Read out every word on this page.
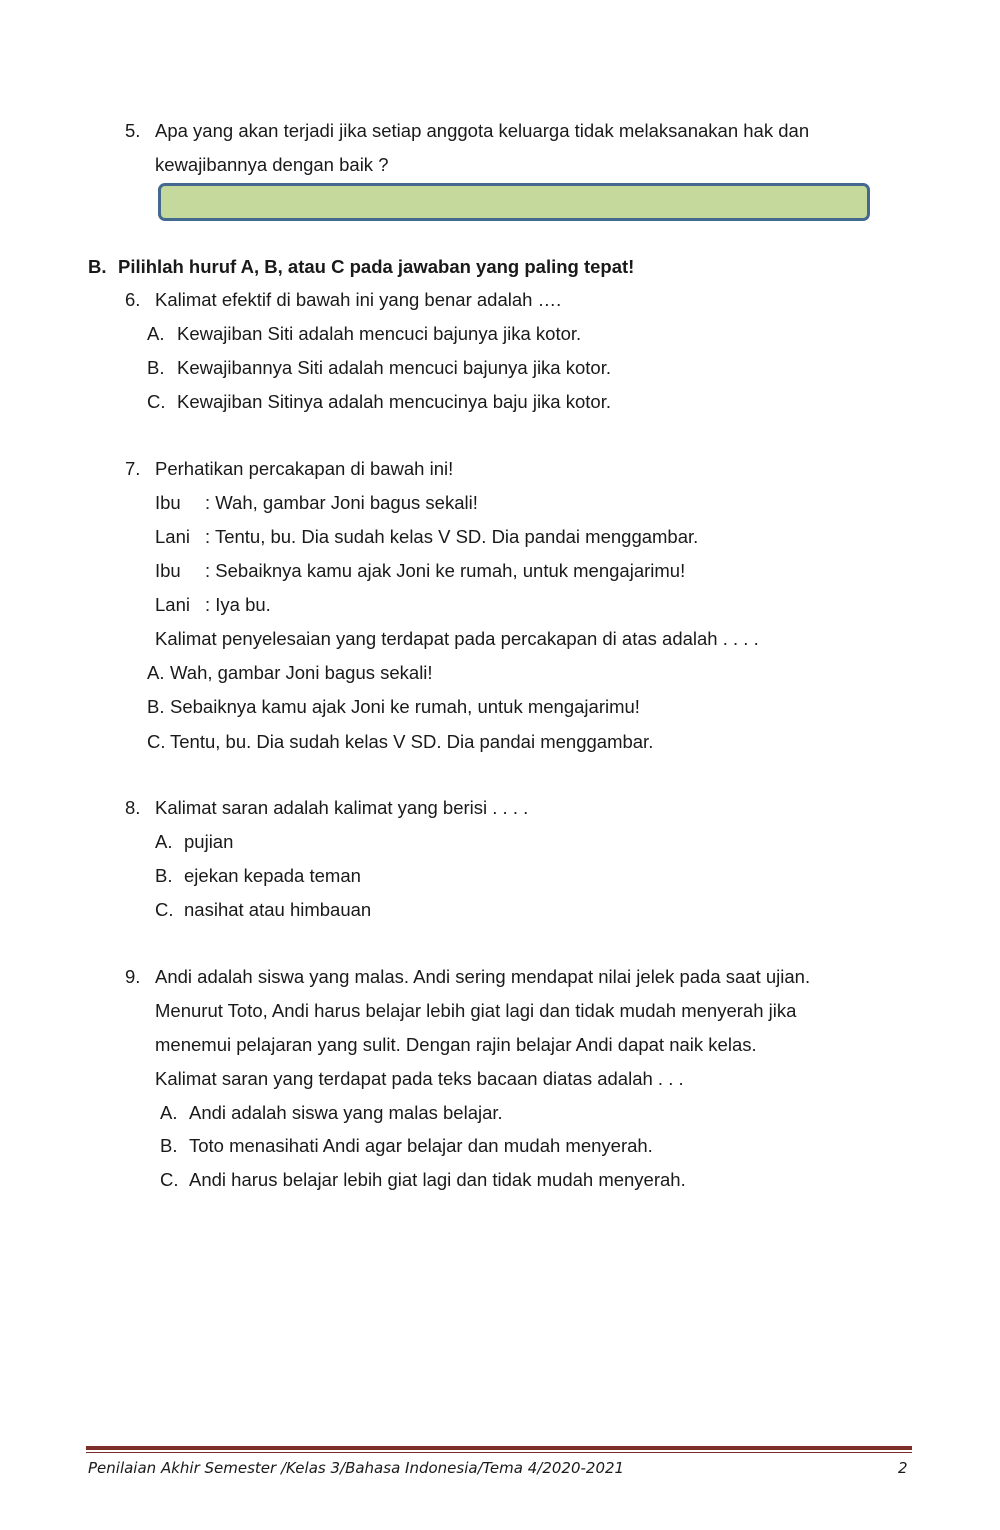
5. Apa yang akan terjadi jika setiap anggota keluarga tidak melaksanakan hak dan
kewajibannya dengan baik ?
B. Pilihlah huruf A, B, atau C pada jawaban yang paling tepat!
6. Kalimat efektif di bawah ini yang benar adalah ….
A. Kewajiban Siti adalah mencuci bajunya jika kotor.
B. Kewajibannya Siti adalah mencuci bajunya jika kotor.
C. Kewajiban Sitinya adalah mencucinya baju jika kotor.
7. Perhatikan percakapan di bawah ini!
Ibu : Wah, gambar Joni bagus sekali!
Lani : Tentu, bu. Dia sudah kelas V SD. Dia pandai menggambar.
Ibu : Sebaiknya kamu ajak Joni ke rumah, untuk mengajarimu!
Lani : Iya bu.
Kalimat penyelesaian yang terdapat pada percakapan di atas adalah . . . .
A. Wah, gambar Joni bagus sekali!
B. Sebaiknya kamu ajak Joni ke rumah, untuk mengajarimu!
C. Tentu, bu. Dia sudah kelas V SD. Dia pandai menggambar.
8. Kalimat saran adalah kalimat yang berisi . . . .
A. pujian
B. ejekan kepada teman
C. nasihat atau himbauan
9. Andi adalah siswa yang malas. Andi sering mendapat nilai jelek pada saat ujian.
Menurut Toto, Andi harus belajar lebih giat lagi dan tidak mudah menyerah jika
menemui pelajaran yang sulit. Dengan rajin belajar Andi dapat naik kelas.
Kalimat saran yang terdapat pada teks bacaan diatas adalah . . .
A. Andi adalah siswa yang malas belajar.
B. Toto menasihati Andi agar belajar dan mudah menyerah.
C. Andi harus belajar lebih giat lagi dan tidak mudah menyerah.
Penilaian Akhir Semester /Kelas 3/Bahasa Indonesia/Tema 4/2020-2021	2
